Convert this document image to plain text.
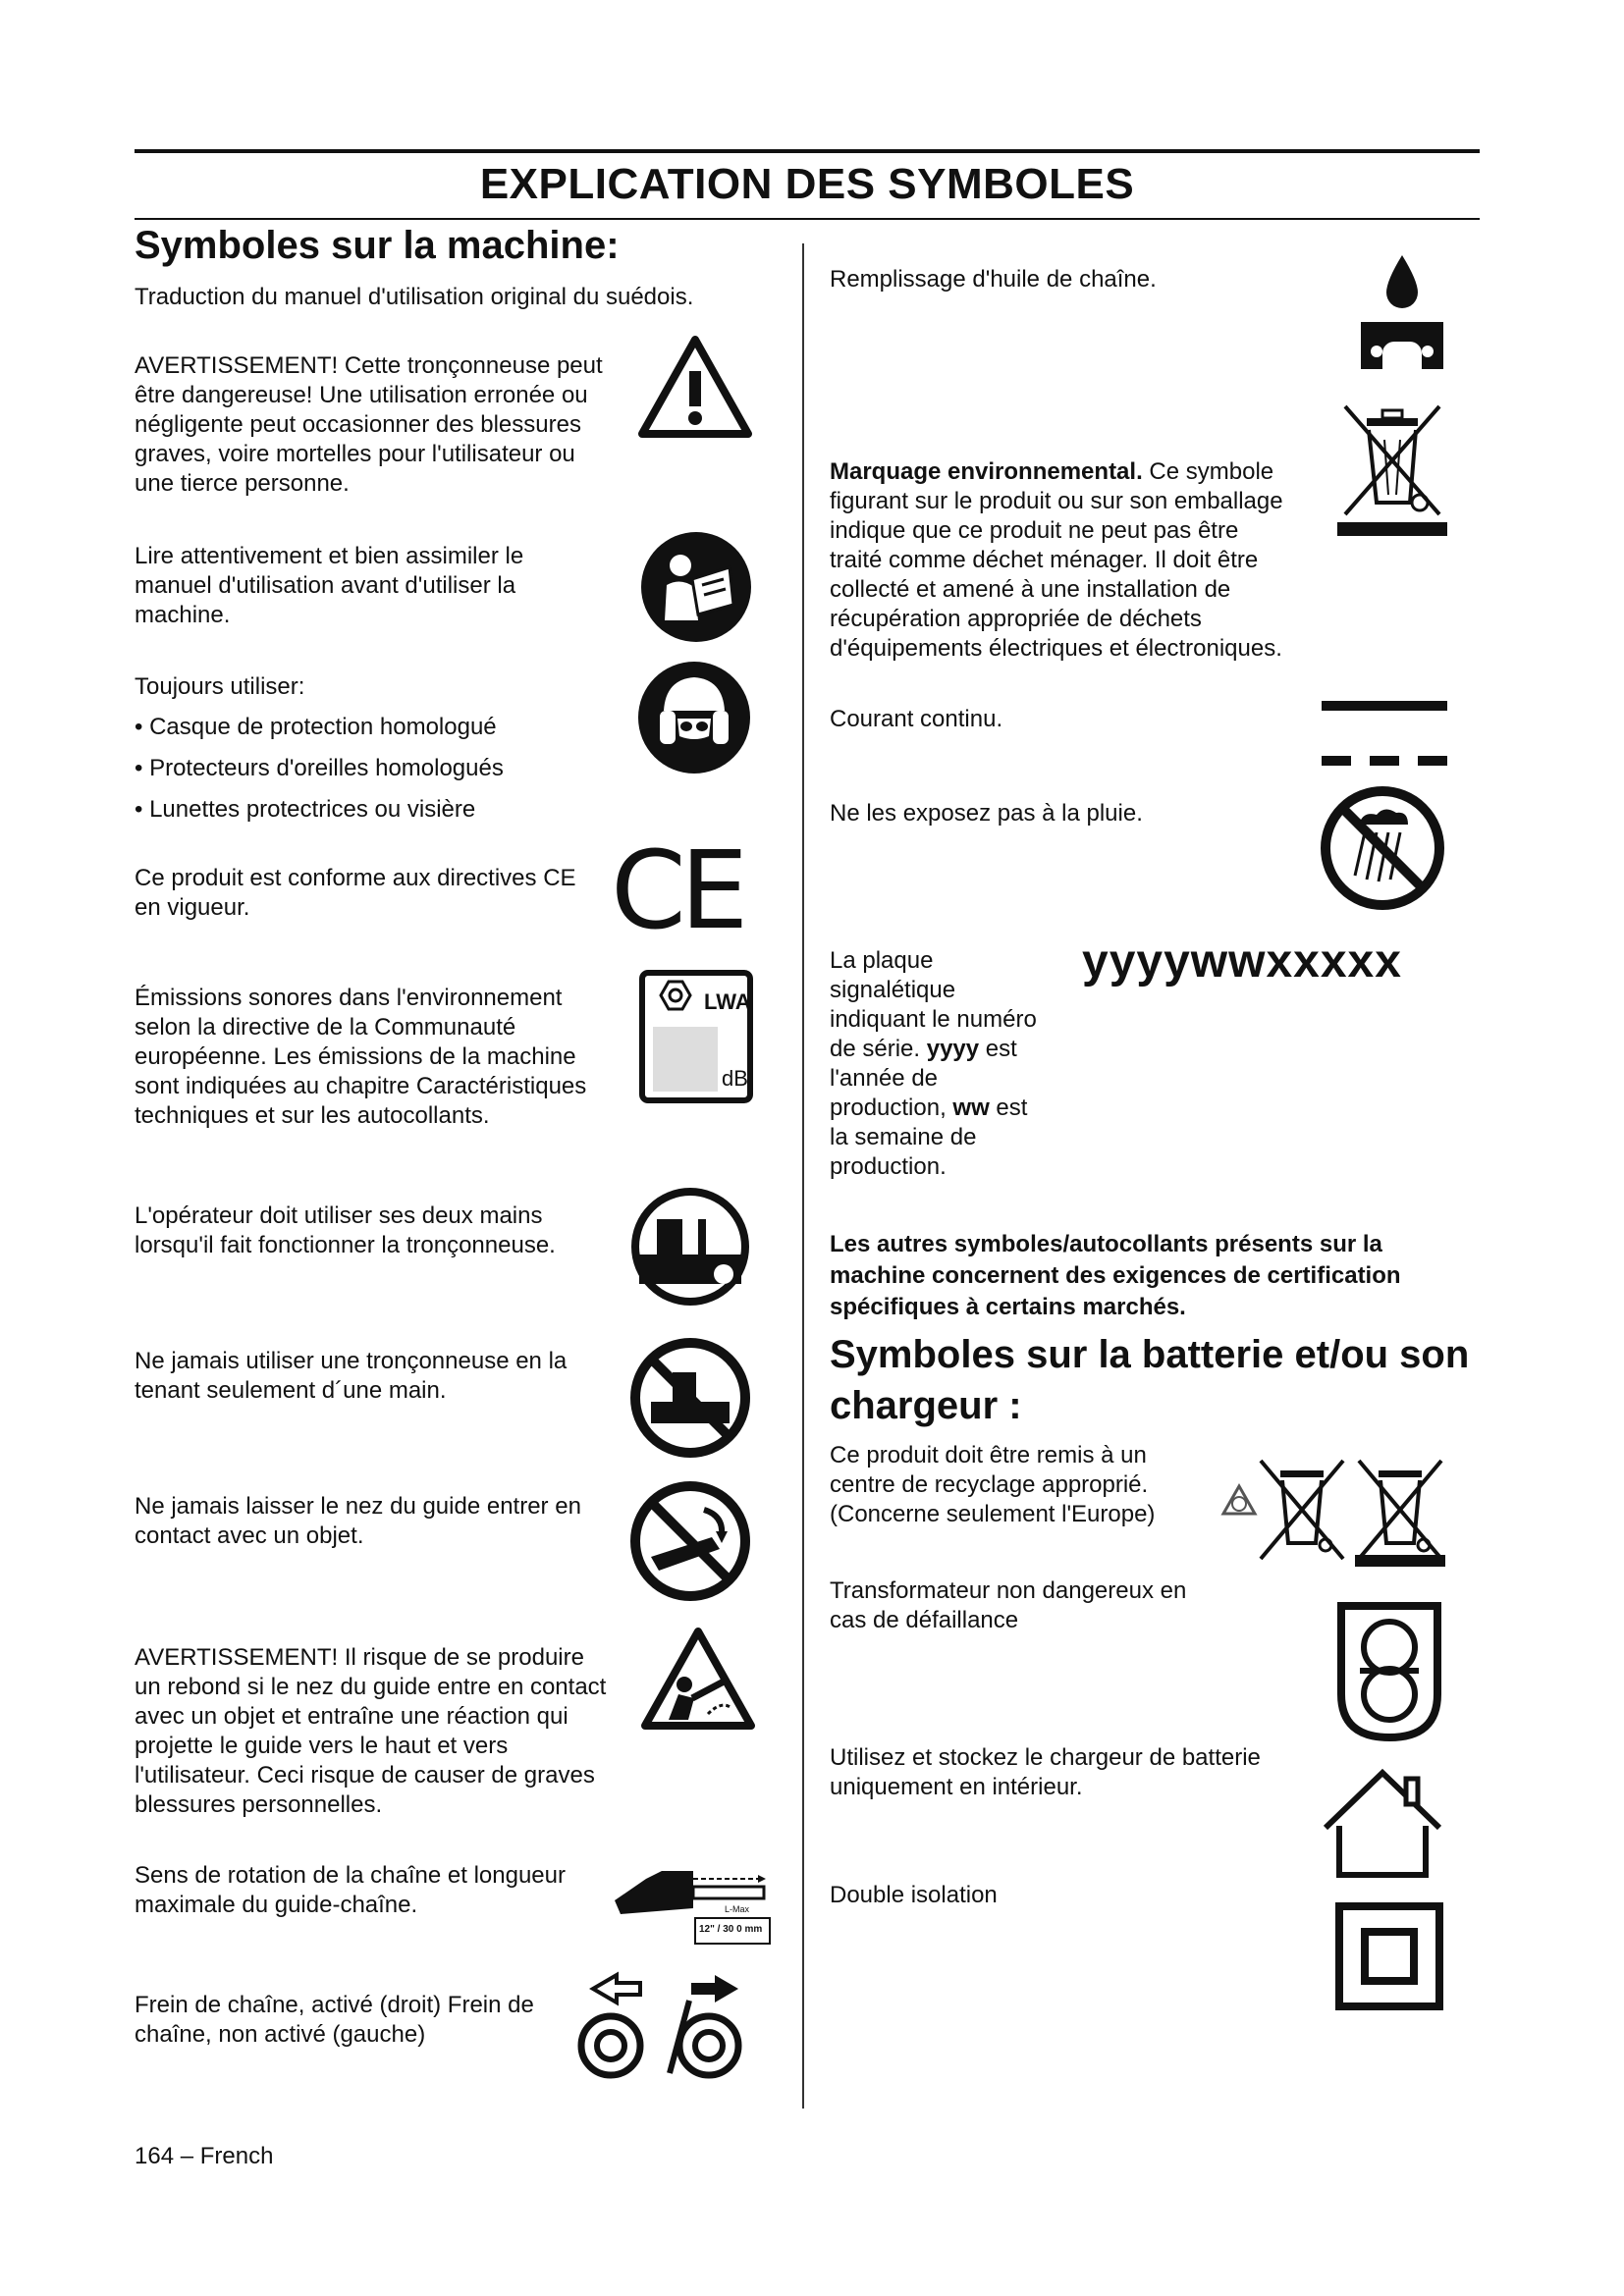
EXPLICATION DES SYMBOLES
Symboles sur la machine:
Traduction du manuel d'utilisation original du suédois.
AVERTISSEMENT! Cette tronçonneuse peut être dangereuse! Une utilisation erronée ou négligente peut occasionner des blessures graves, voire mortelles pour l'utilisateur ou une tierce personne.
Lire attentivement et bien assimiler le manuel d'utilisation avant d'utiliser la machine.
Toujours utiliser:
• Casque de protection homologué
• Protecteurs d'oreilles homologués
• Lunettes protectrices ou visière
Ce produit est conforme aux directives CE en vigueur.	CE
Émissions sonores dans l'environnement selon la directive de la Communauté européenne. Les émissions de la machine sont indiquées au chapitre Caractéristiques techniques et sur les autocollants.
LWA
dB
L'opérateur doit utiliser ses deux mains lorsqu'il fait fonctionner la tronçonneuse.
Ne jamais utiliser une tronçonneuse en la tenant seulement d´une main.
Ne jamais laisser le nez du guide entrer en contact avec un objet.
AVERTISSEMENT! Il risque de se produire un rebond si le nez du guide entre en contact avec un objet et entraîne une réaction qui projette le guide vers le haut et vers l'utilisateur. Ceci risque de causer de graves blessures personnelles.
Sens de rotation de la chaîne et longueur maximale du guide-chaîne.	L-Max
12" / 30 0 mm
Frein de chaîne, activé (droit) Frein de chaîne, non activé (gauche)
164 – French
Remplissage d'huile de chaîne.
Marquage environnemental. Ce symbole figurant sur le produit ou sur son emballage indique que ce produit ne peut pas être traité comme déchet ménager. Il doit être collecté et amené à une installation de récupération appropriée de déchets d'équipements électriques et électroniques.
Courant continu.
Ne les exposez pas à la pluie.
La plaque signalétique indiquant le numéro de série. yyyy est l'année de production, ww est la semaine de production.
yyyywwxxxxx
Les autres symboles/autocollants présents sur la machine concernent des exigences de certification spécifiques à certains marchés.
Symboles sur la batterie et/ou son chargeur :
Ce produit doit être remis à un centre de recyclage approprié. (Concerne seulement l'Europe)
Transformateur non dangereux en cas de défaillance
Utilisez et stockez le chargeur de batterie uniquement en intérieur.
Double isolation
